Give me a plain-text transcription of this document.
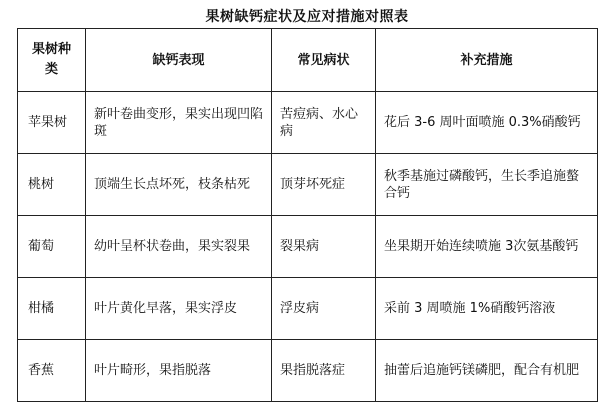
果树缺钙症状及应对措施对照表
果树种类	缺钙表现	常见病状	补充措施
苹果树	新叶卷曲变形，果实出现凹陷斑	苦痘病、水心病	花后 3-6 周叶面喷施 0.3%硝酸钙
桃树	顶端生长点坏死，枝条枯死	顶芽坏死症	秋季基施过磷酸钙，生长季追施螯合钙
葡萄	幼叶呈杯状卷曲，果实裂果	裂果病	坐果期开始连续喷施 3次氨基酸钙
柑橘	叶片黄化早落，果实浮皮	浮皮病	采前 3 周喷施 1%硝酸钙溶液
香蕉	叶片畸形，果指脱落	果指脱落症	抽蕾后追施钙镁磷肥，配合有机肥
